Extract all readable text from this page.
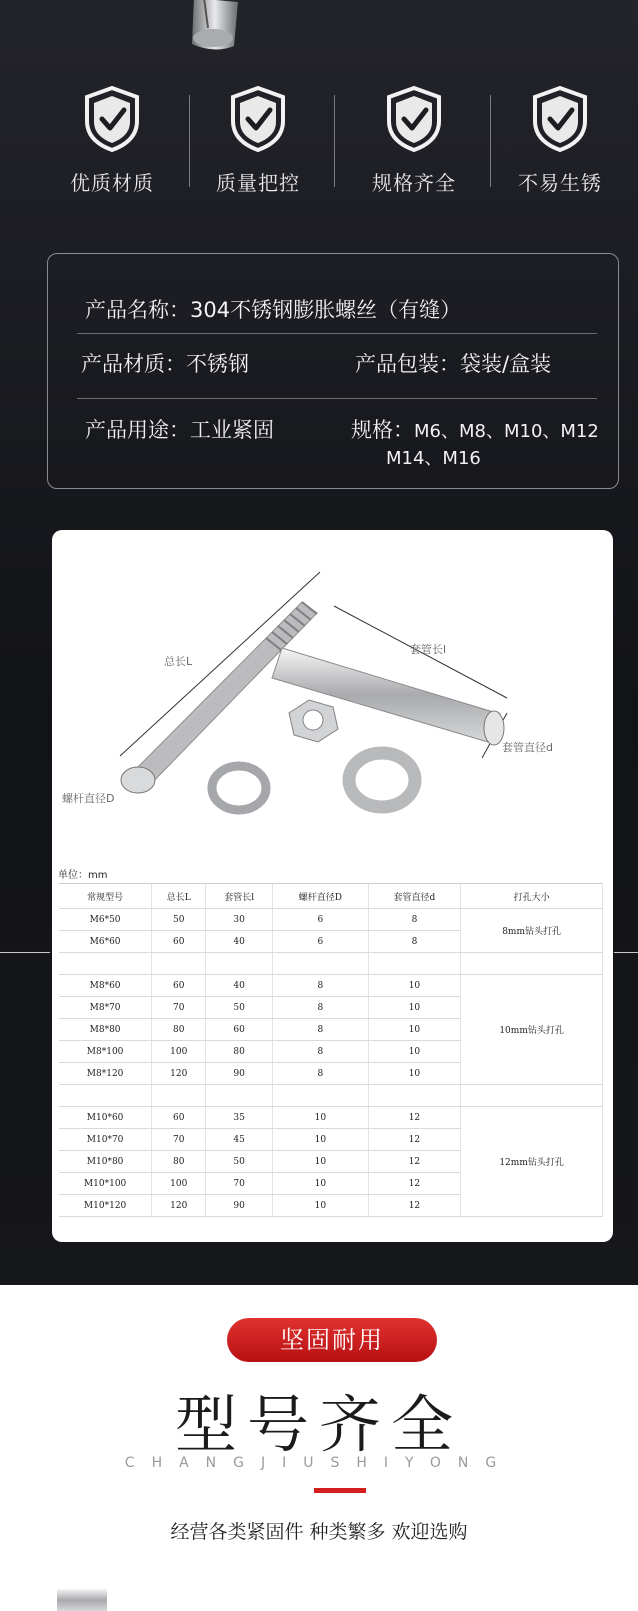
优质材质	质量把控	规格齐全	不易生锈
产品名称：304不锈钢膨胀螺丝（有缝）
产品材质：不锈钢	产品包装：袋装/盒装
产品用途：工业紧固	规格：M6、M8、M10、M12
M14、M16
总长L
套管长l
套管直径d
螺杆直径D
单位：mm
常规型号	总长L	套管长l	螺杆直径D	套管直径d	打孔大小
M6*50	50	30	6	8	8mm钻头打孔
M6*60	60	40	6	8	

M8*60	60	40	8	10	10mm钻头打孔
M8*70	70	50	8	10	
M8*80	80	60	8	10	
M8*100	100	80	8	10	
M8*120	120	90	8	10	

M10*60	60	35	10	12	12mm钻头打孔
M10*70	70	45	10	12	
M10*80	80	50	10	12	
M10*100	100	70	10	12	
M10*120	120	90	10	12	
坚固耐用
型号齐全
CHANGJIUSHIYONG
经营各类紧固件 种类繁多 欢迎选购
